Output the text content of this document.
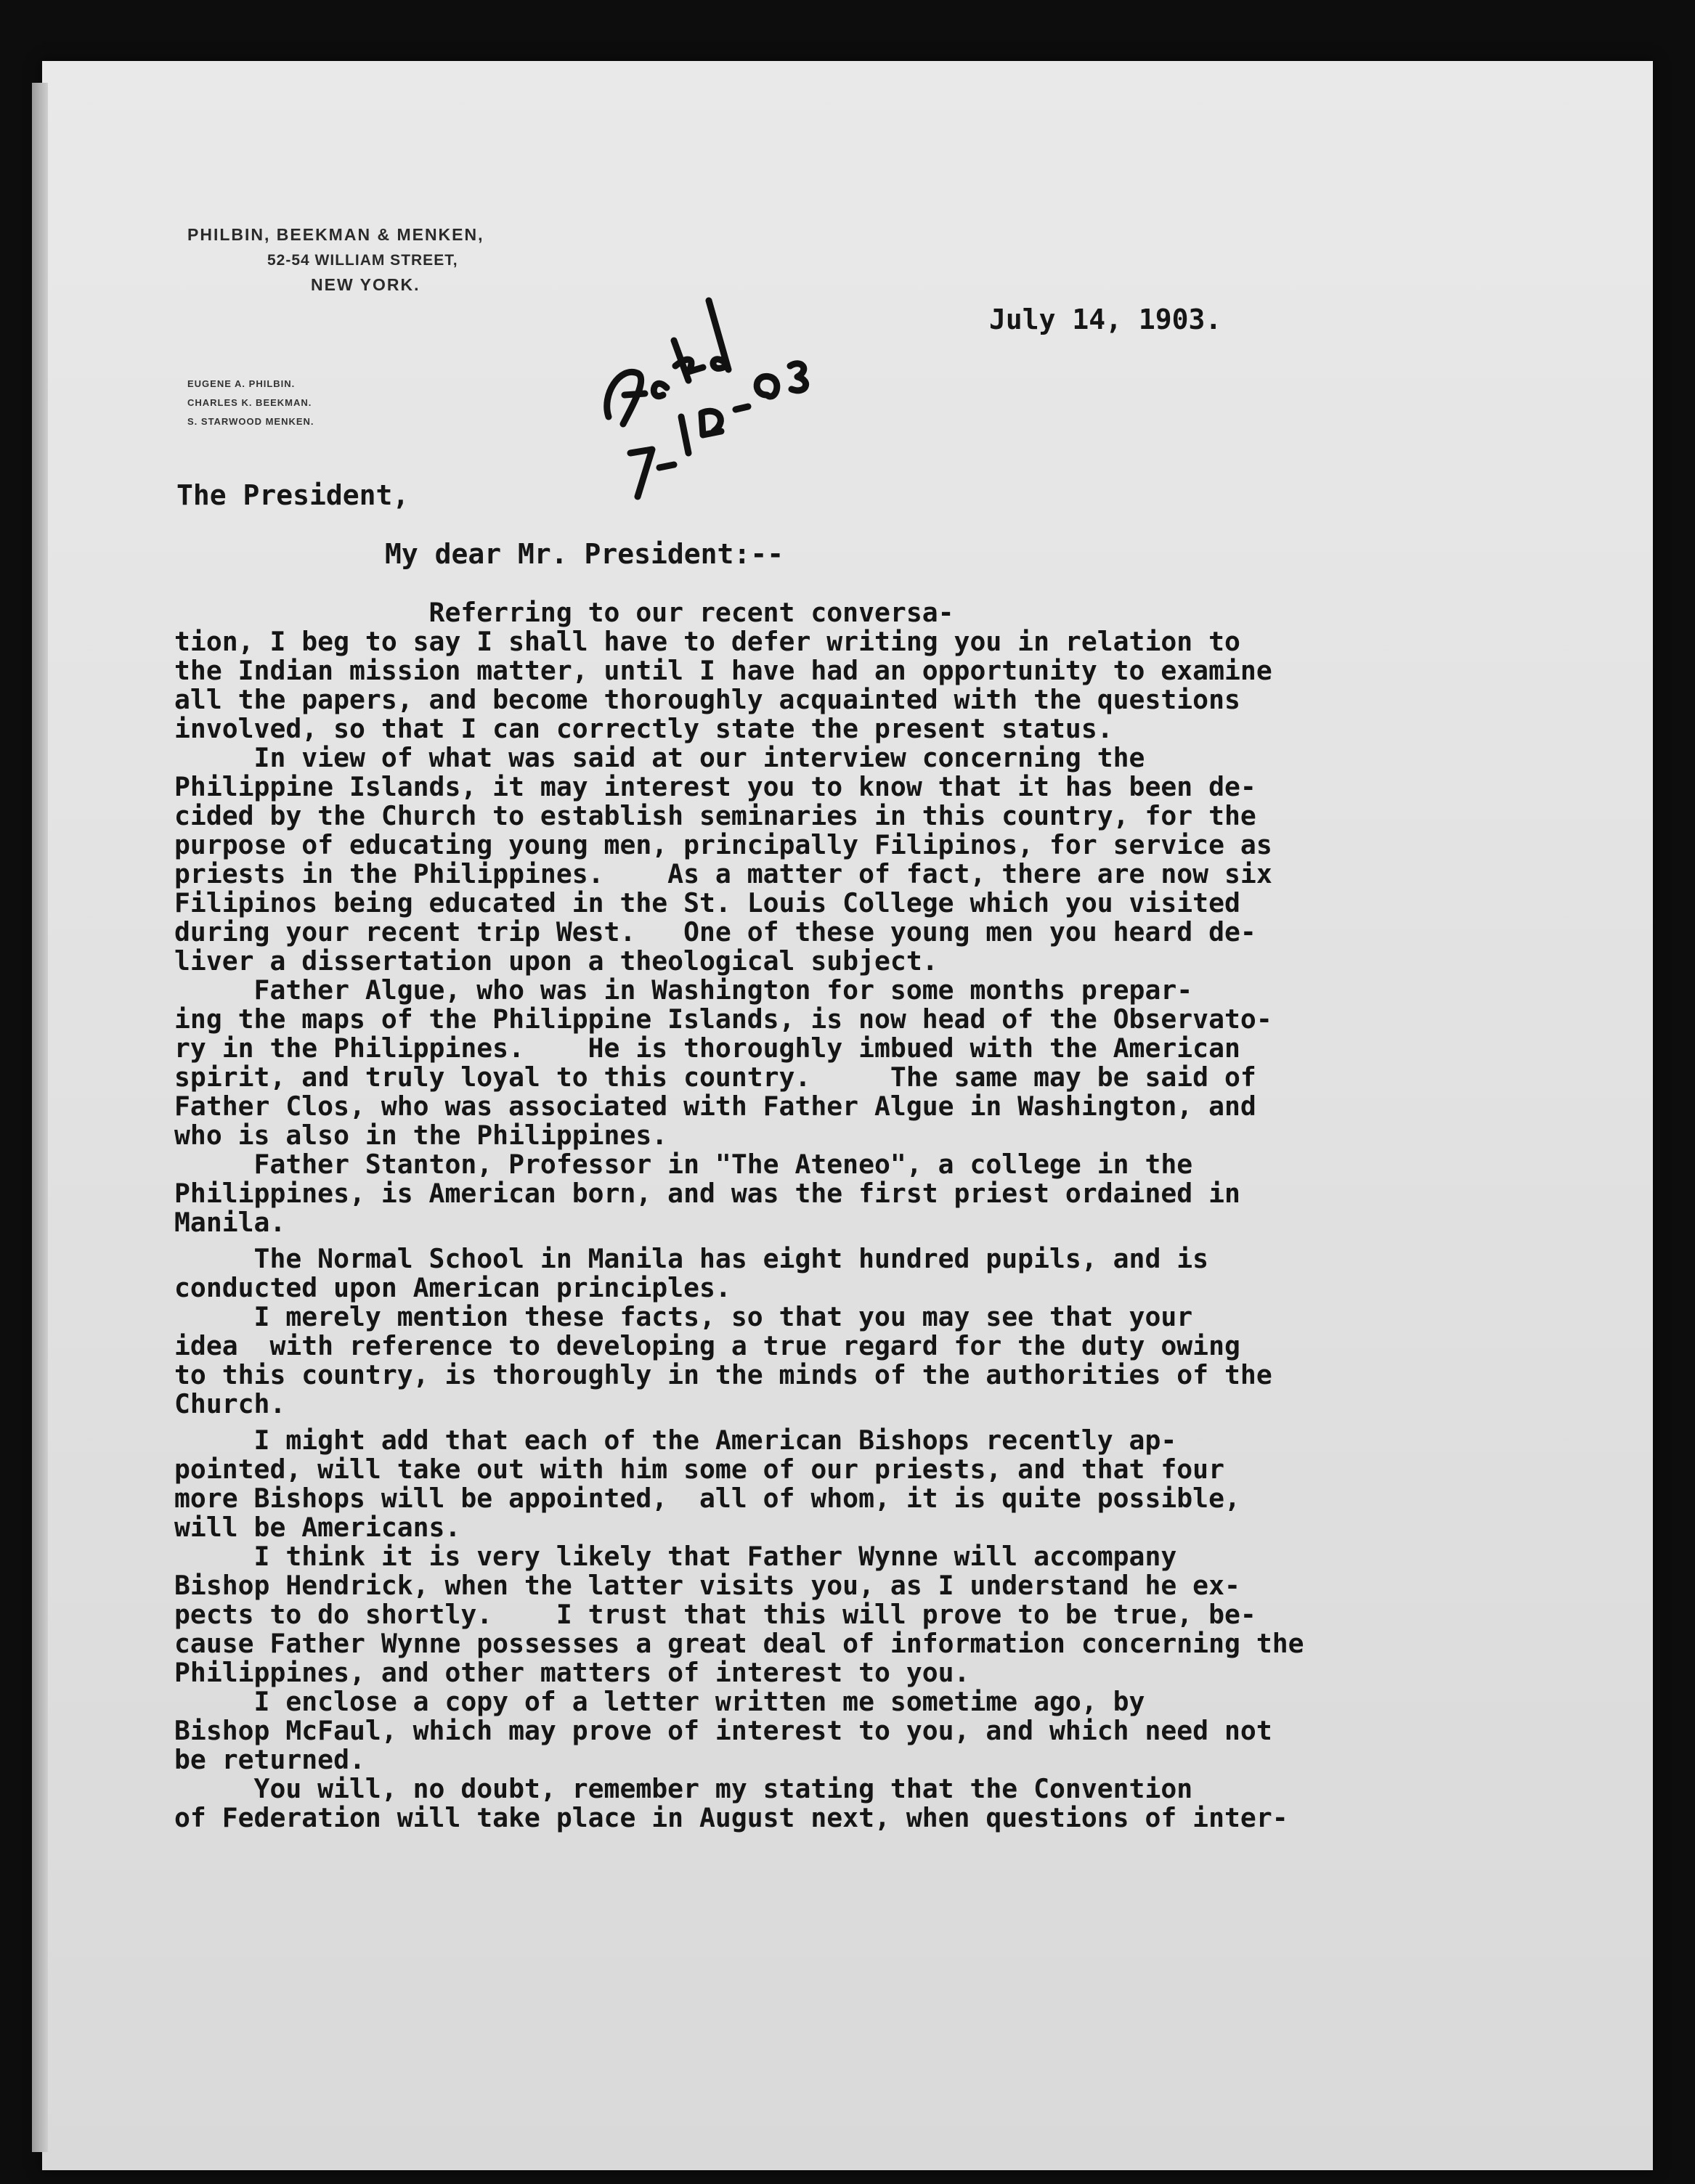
PHILBIN, BEEKMAN & MENKEN,

52-54 WILLIAM STREET,

NEW YORK.

EUGENE A. PHILBIN.
CHARLES K. BEEKMAN.
S. STARWOOD MENKEN.
July 14, 1903.
The President,
My dear Mr. President:--

Referring to our recent conversa-

tion, I beg to say I shall have to defer writing you in relation to

the Indian mission matter, until I have had an opportunity to examine

all the papers, and become thoroughly acquainted with the questions

involved, so that I can correctly state the present status.

In view of what was said at our interview concerning the

Philippine Islands, it may interest you to know that it has been de-

cided by the Church to establish seminaries in this country, for the

purpose of educating young men, principally Filipinos, for service as

priests in the Philippines.    As a matter of fact, there are now six

Filipinos being educated in the St. Louis College which you visited

during your recent trip West.   One of these young men you heard de-

liver a dissertation upon a theological subject.

Father Algue, who was in Washington for some months prepar-

ing the maps of the Philippine Islands, is now head of the Observato-

ry in the Philippines.    He is thoroughly imbued with the American

spirit, and truly loyal to this country.     The same may be said of

Father Clos, who was associated with Father Algue in Washington, and

who is also in the Philippines.

Father Stanton, Professor in "The Ateneo", a college in the

Philippines, is American born, and was the first priest ordained in

Manila.

The Normal School in Manila has eight hundred pupils, and is

conducted upon American principles.

I merely mention these facts, so that you may see that your

idea  with reference to developing a true regard for the duty owing

to this country, is thoroughly in the minds of the authorities of the

Church.

I might add that each of the American Bishops recently ap-

pointed, will take out with him some of our priests, and that four

more Bishops will be appointed,  all of whom, it is quite possible,

will be Americans.

I think it is very likely that Father Wynne will accompany

Bishop Hendrick, when the latter visits you, as I understand he ex-

pects to do shortly.    I trust that this will prove to be true, be-

cause Father Wynne possesses a great deal of information concerning the

Philippines, and other matters of interest to you.

I enclose a copy of a letter written me sometime ago, by

Bishop McFaul, which may prove of interest to you, and which need not

be returned.

You will, no doubt, remember my stating that the Convention

of Federation will take place in August next, when questions of inter-
